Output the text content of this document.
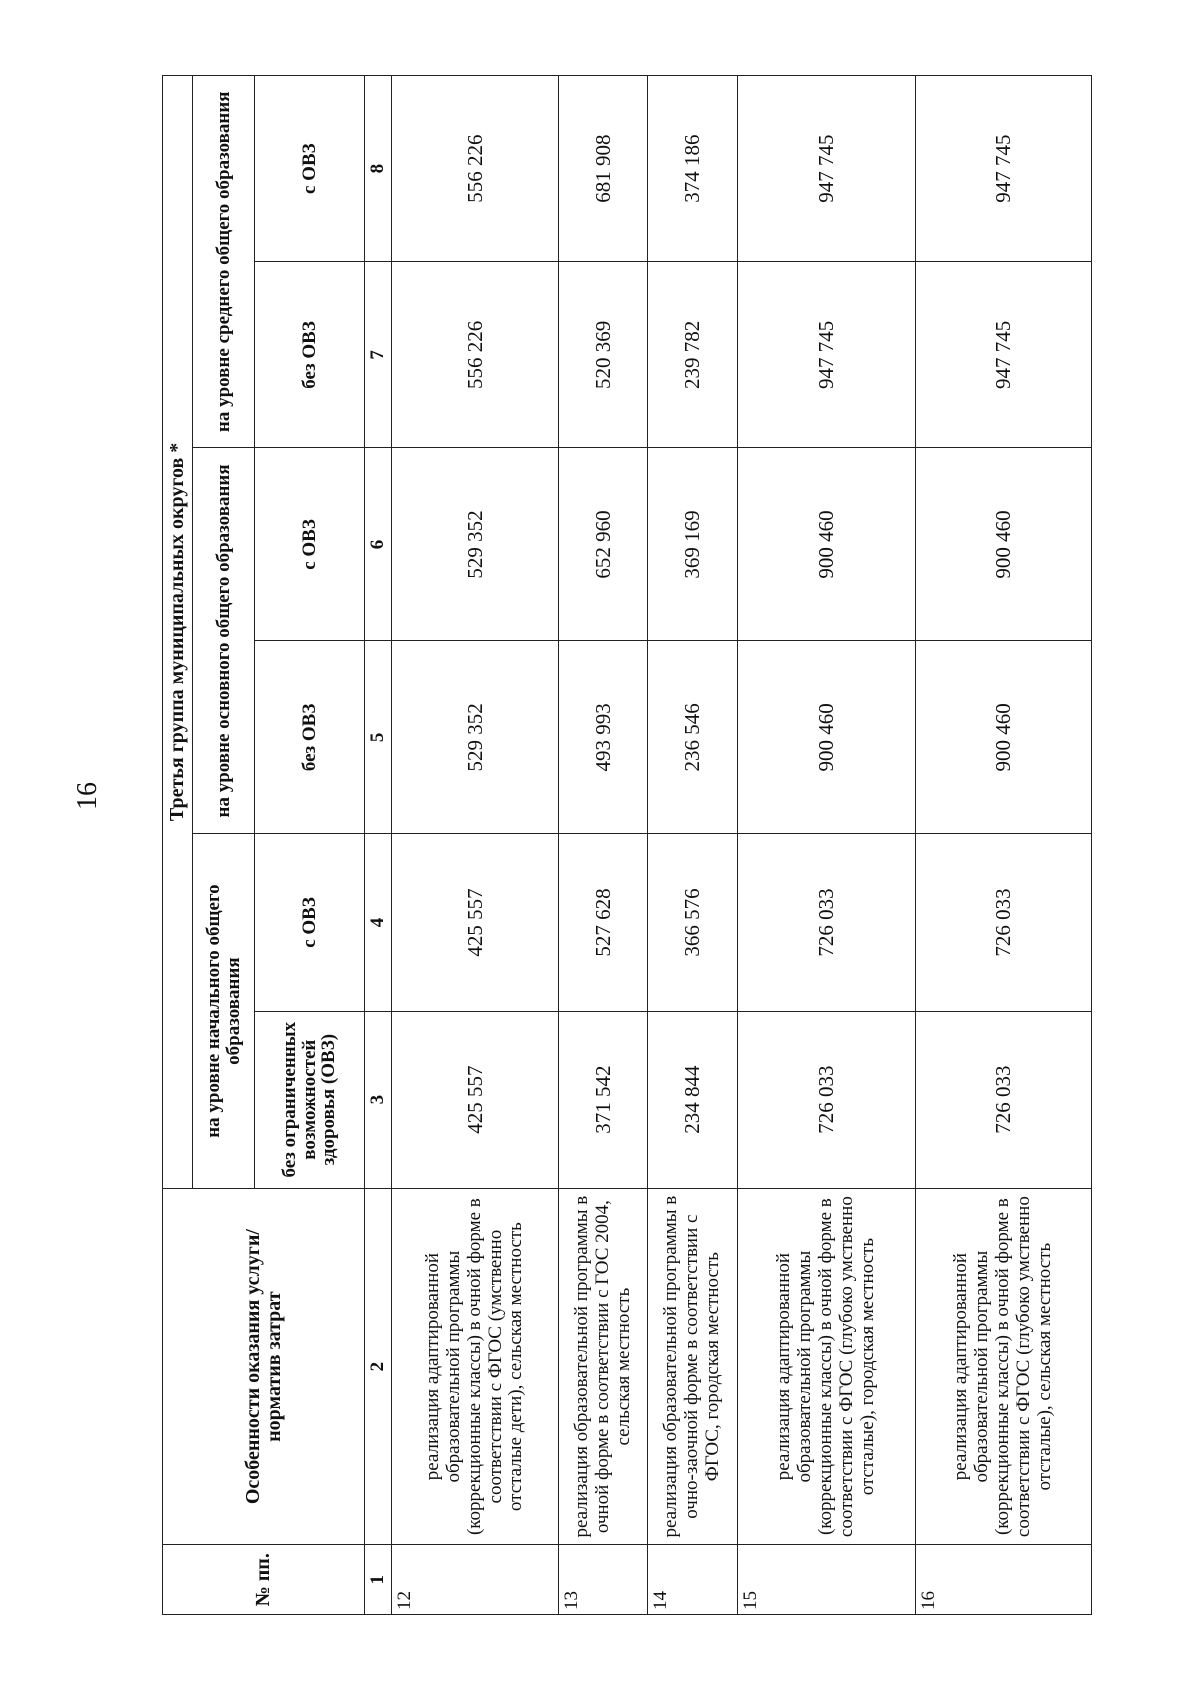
16
№ пп.	Особенности оказания услуги/норматив затрат	Третья группа муниципальных округов *					
		на уровне начального общего образования		на уровне основного общего образования		на уровне среднего общего образования	
		без ограниченных возможностей здоровья (ОВЗ)	с ОВЗ	без ОВЗ	с ОВЗ	без ОВЗ	с ОВЗ
1	2	3	4	5	6	7	8
12	реализация адаптированной образовательной программы (коррекционные классы) в очной форме в соответствии с ФГОС (умственно отсталые дети), сельская местность	425 557	425 557	529 352	529 352	556 226	556 226
13	реализация образовательной программы в очной форме в соответствии с ГОС 2004, сельская местность	371 542	527 628	493 993	652 960	520 369	681 908
14	реализация образовательной программы в очно-заочной форме в соответствии с ФГОС, городская местность	234 844	366 576	236 546	369 169	239 782	374 186
15	реализация адаптированной образовательной программы (коррекционные классы) в очной форме в соответствии с ФГОС (глубоко умственно отсталые), городская местность	726 033	726 033	900 460	900 460	947 745	947 745
16	реализация адаптированной образовательной программы (коррекционные классы) в очной форме в соответствии с ФГОС (глубоко умственно отсталые), сельская местность	726 033	726 033	900 460	900 460	947 745	947 745
